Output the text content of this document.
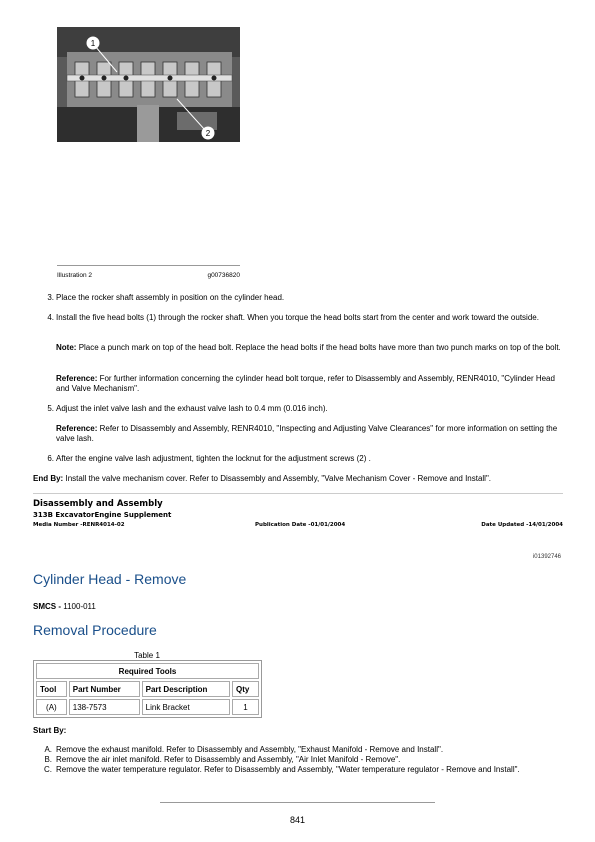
1
2
Illustration 2	g00736820
3. Place the rocker shaft assembly in position on the cylinder head.
4. Install the five head bolts (1) through the rocker shaft. When you torque the head bolts start from the center and work toward the outside.
Note: Place a punch mark on top of the head bolt. Replace the head bolts if the head bolts have more than two punch marks on top of the bolt.
Reference: For further information concerning the cylinder head bolt torque, refer to Disassembly and Assembly, RENR4010, "Cylinder Head and Valve Mechanism".
5. Adjust the inlet valve lash and the exhaust valve lash to 0.4 mm (0.016 inch).
Reference: Refer to Disassembly and Assembly, RENR4010, "Inspecting and Adjusting Valve Clearances" for more information on setting the valve lash.
6. After the engine valve lash adjustment, tighten the locknut for the adjustment screws (2) .
End By: Install the valve mechanism cover. Refer to Disassembly and Assembly, "Valve Mechanism Cover - Remove and Install".
Disassembly and Assembly
313B ExcavatorEngine Supplement
Media Number -RENR4014-02	Publication Date -01/01/2004	Date Updated -14/01/2004
i01392746
Cylinder Head - Remove
SMCS - 1100-011
Removal Procedure
Table 1
Required Tools			
Tool	Part Number	Part Description	Qty
(A)	138-7573	Link Bracket	1
Start By:
A. Remove the exhaust manifold. Refer to Disassembly and Assembly, "Exhaust Manifold - Remove and Install".
B. Remove the air inlet manifold. Refer to Disassembly and Assembly, "Air Inlet Manifold - Remove".
C. Remove the water temperature regulator. Refer to Disassembly and Assembly, "Water temperature regulator - Remove and Install".
841
